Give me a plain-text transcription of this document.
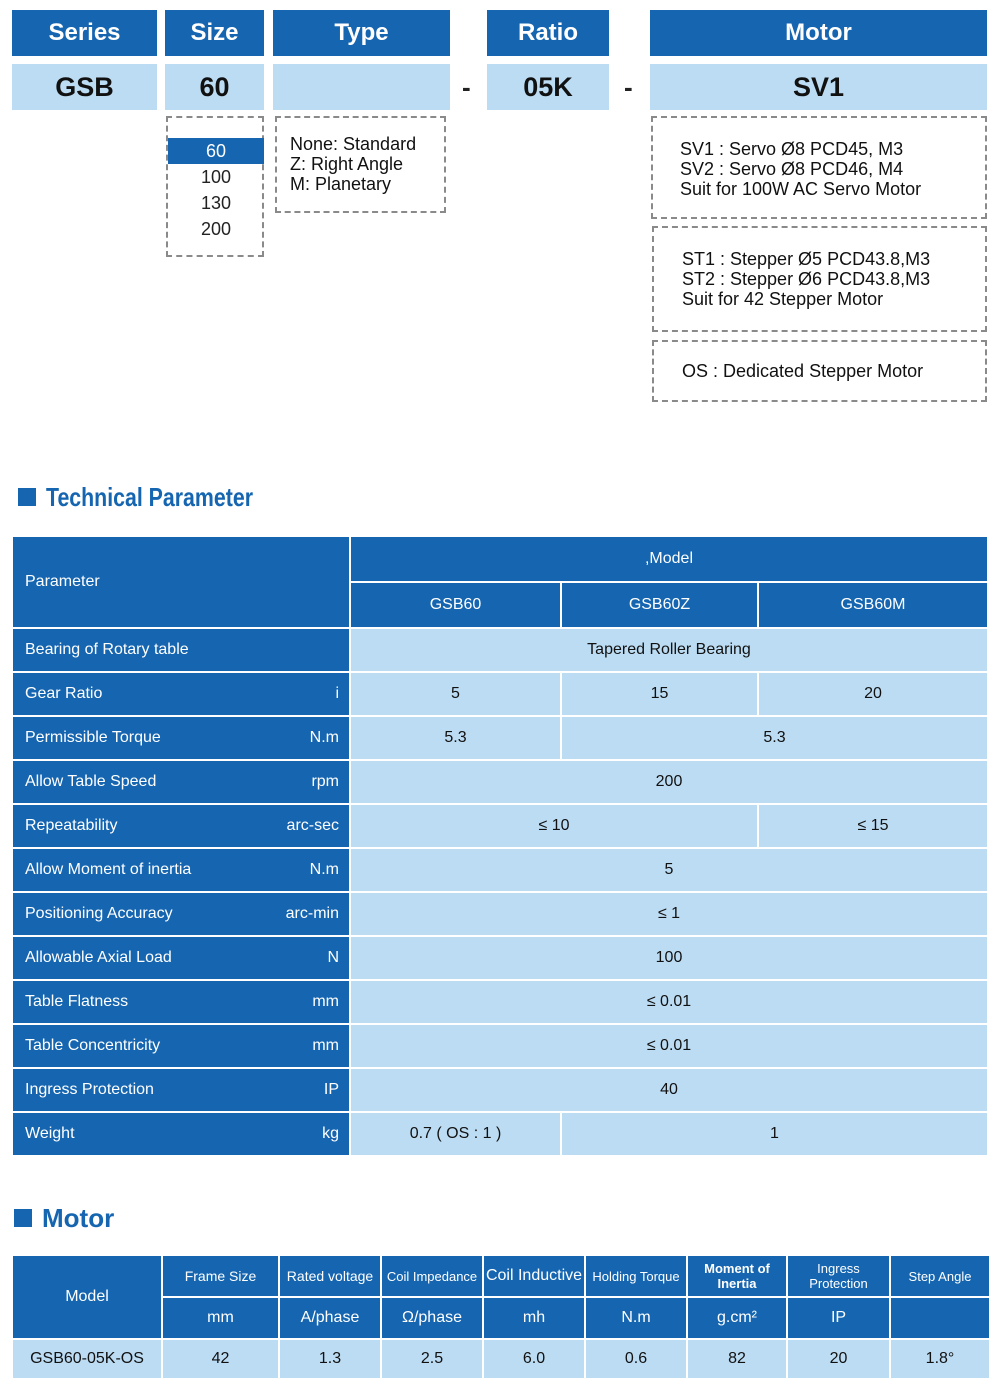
Series	Size	Type	Ratio	Motor
GSB	60	-	05K	-	SV1
60
100
130
200
None: Standard
Z: Right Angle
M: Planetary
SV1 : Servo Ø8 PCD45, M3
SV2 : Servo Ø8 PCD46, M4
Suit for 100W AC Servo Motor
ST1 : Stepper Ø5 PCD43.8,M3
ST2 : Stepper Ø6 PCD43.8,M3
Suit for 42 Stepper Motor
OS : Dedicated Stepper Motor
Technical Parameter
Parameter	,Model		
	GSB60	GSB60Z	GSB60M

Bearing of Rotary table	Tapered Roller Bearing		

Gear Ratio i	5	15	20

Permissible Torque N.m	5.3	5.3	

Allow Table Speed rpm	200		

Repeatability arc-sec	≤ 10		≤ 15

Allow Moment of inertia N.m	5		

Positioning Accuracy arc-min	≤ 1		

Allowable Axial Load N	100		

Table Flatness mm	≤ 0.01		

Table Concentricity mm	≤ 0.01		

Ingress Protection IP	40		

Weight kg	0.7 ( OS : 1 )	1	
Motor
Model	Frame Size	Rated voltage	Coil Impedance	Coil Inductive	Holding Torque	Moment of Inertia	Ingress Protection	Step Angle
	mm	A/phase	Ω/phase	mh	N.m	g.cm²	IP	
GSB60-05K-OS	42	1.3	2.5	6.0	0.6	82	20	1.8°
